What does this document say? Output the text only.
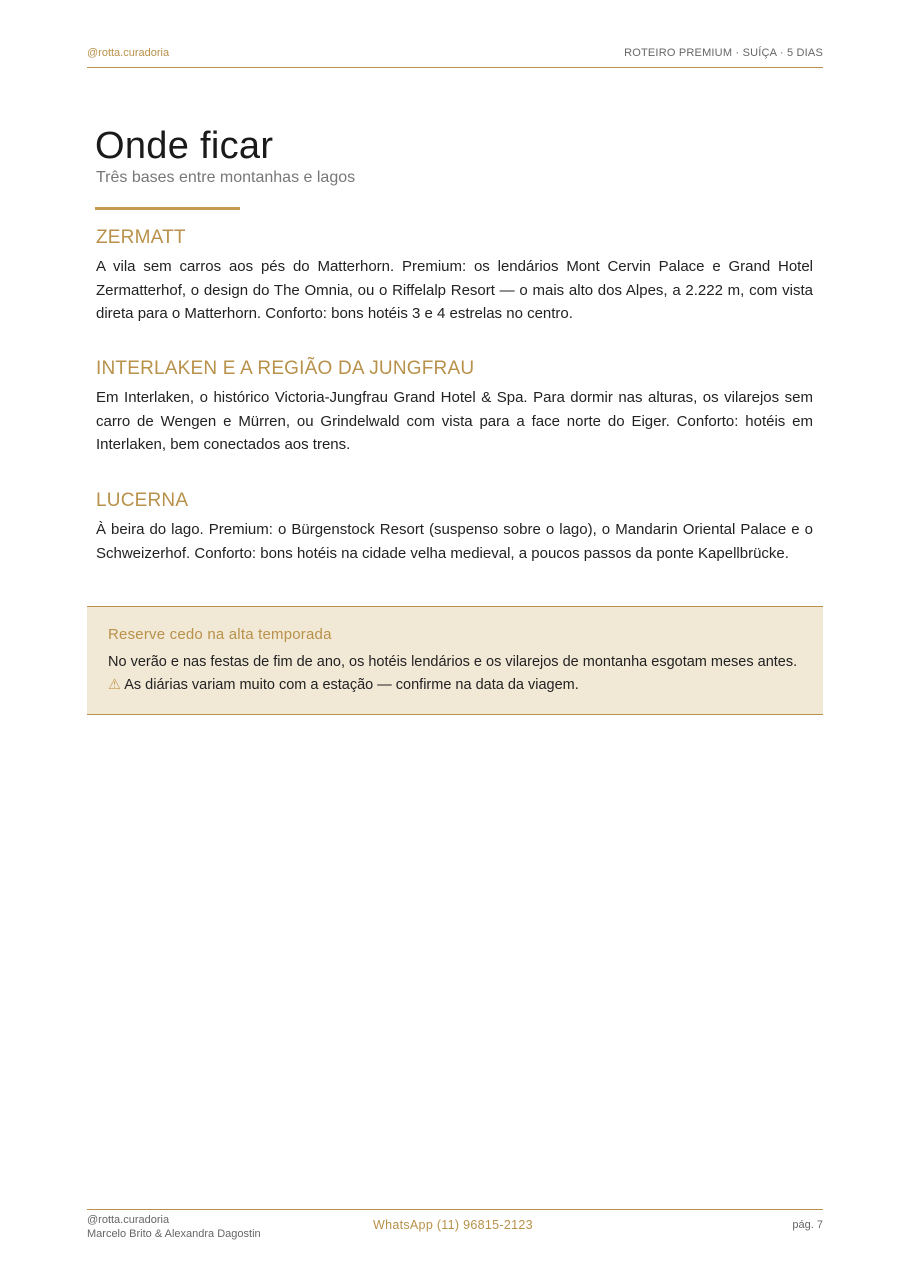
@rotta.curadoria	ROTEIRO PREMIUM · SUÍÇA · 5 DIAS
Onde ficar
Três bases entre montanhas e lagos
ZERMATT

A vila sem carros aos pés do Matterhorn. Premium: os lendários Mont Cervin Palace e Grand Hotel Zermatterhof, o design do The Omnia, ou o Riffelalp Resort — o mais alto dos Alpes, a 2.222 m, com vista direta para o Matterhorn. Conforto: bons hotéis 3 e 4 estrelas no centro.

INTERLAKEN E A REGIÃO DA JUNGFRAU

Em Interlaken, o histórico Victoria-Jungfrau Grand Hotel & Spa. Para dormir nas alturas, os vilarejos sem carro de Wengen e Mürren, ou Grindelwald com vista para a face norte do Eiger. Conforto: hotéis em Interlaken, bem conectados aos trens.

LUCERNA

À beira do lago. Premium: o Bürgenstock Resort (suspenso sobre o lago), o Mandarin Oriental Palace e o Schweizerhof. Conforto: bons hotéis na cidade velha medieval, a poucos passos da ponte Kapellbrücke.

Reserve cedo na alta temporada
No verão e nas festas de fim de ano, os hotéis lendários e os vilarejos de montanha esgotam meses antes. ⚠ As diárias variam muito com a estação — confirme na data da viagem.
@rotta.curadoria
Marcelo Brito & Alexandra Dagostin
WhatsApp (11) 96815-2123	pág. 7
